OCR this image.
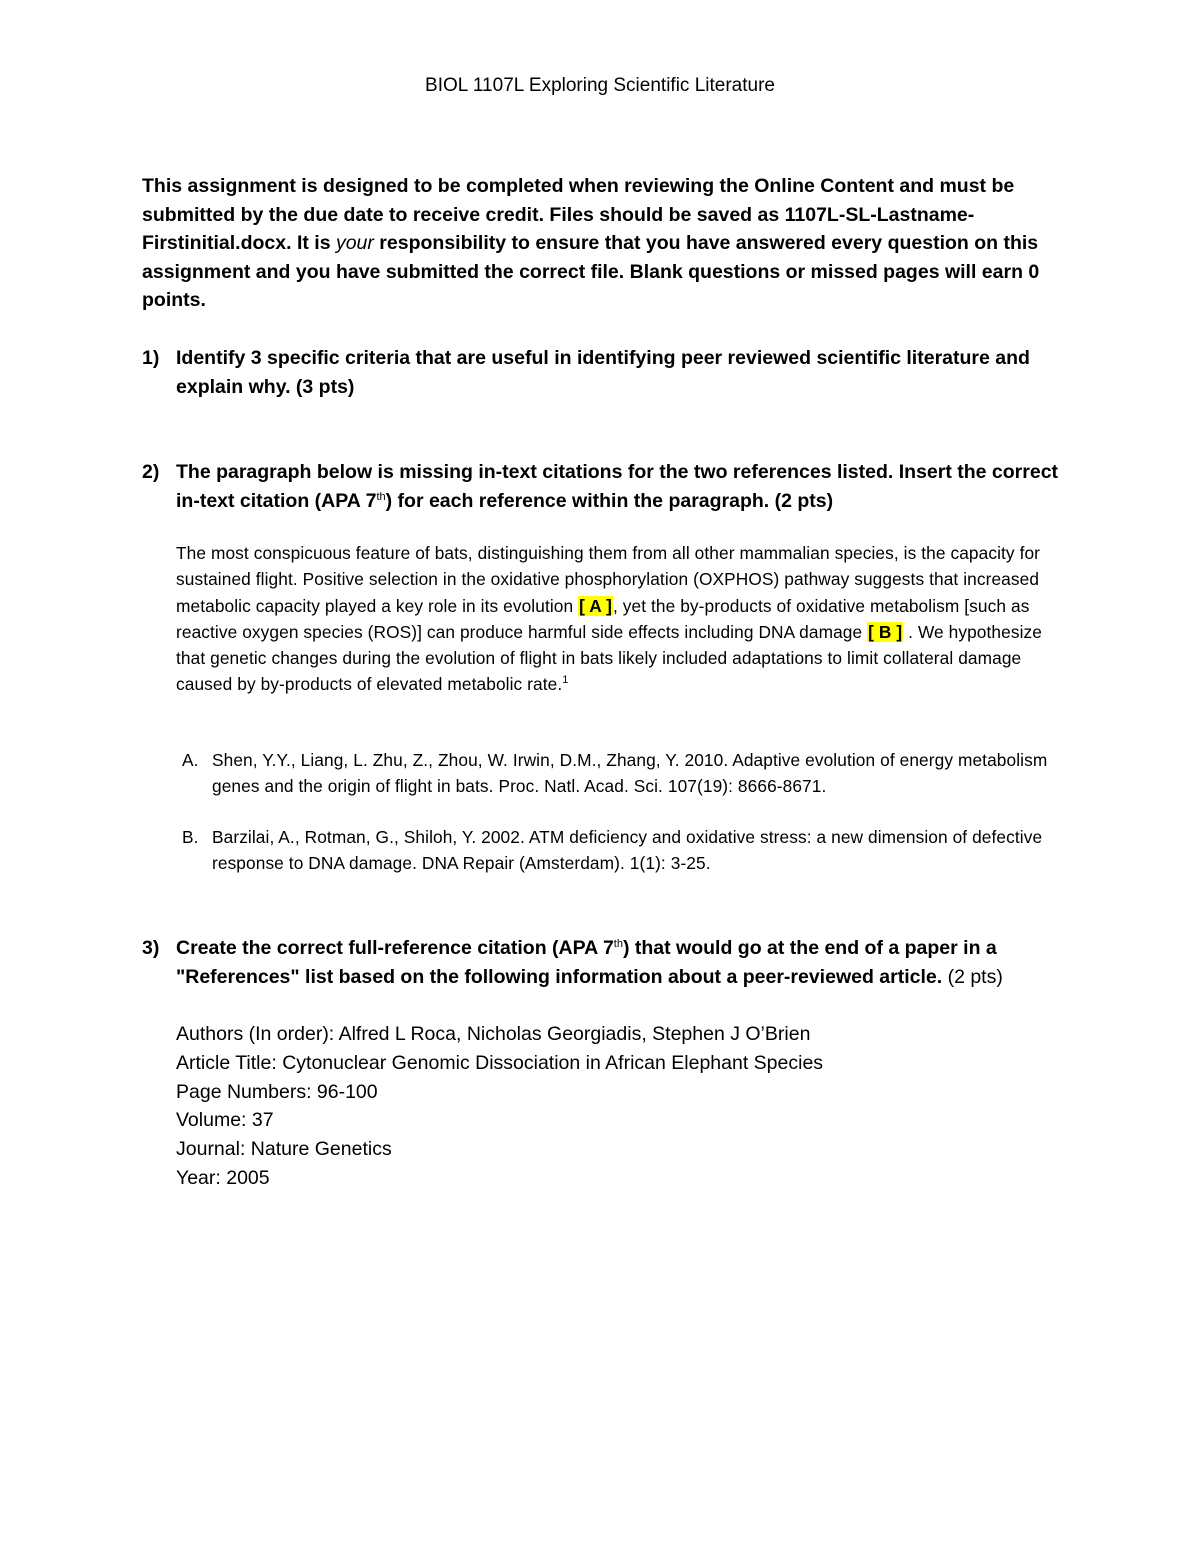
BIOL 1107L Exploring Scientific Literature
This assignment is designed to be completed when reviewing the Online Content and must be submitted by the due date to receive credit. Files should be saved as 1107L-SL-Lastname-Firstinitial.docx. It is your responsibility to ensure that you have answered every question on this assignment and you have submitted the correct file. Blank questions or missed pages will earn 0 points.
1) Identify 3 specific criteria that are useful in identifying peer reviewed scientific literature and explain why. (3 pts)
2) The paragraph below is missing in-text citations for the two references listed. Insert the correct in-text citation (APA 7th) for each reference within the paragraph. (2 pts)
The most conspicuous feature of bats, distinguishing them from all other mammalian species, is the capacity for sustained flight. Positive selection in the oxidative phosphorylation (OXPHOS) pathway suggests that increased metabolic capacity played a key role in its evolution [ A ], yet the by-products of oxidative metabolism [such as reactive oxygen species (ROS)] can produce harmful side effects including DNA damage [ B ] . We hypothesize that genetic changes during the evolution of flight in bats likely included adaptations to limit collateral damage caused by by-products of elevated metabolic rate.$^1$
A. Shen, Y.Y., Liang, L. Zhu, Z., Zhou, W. Irwin, D.M., Zhang, Y. 2010. Adaptive evolution of energy metabolism genes and the origin of flight in bats. Proc. Natl. Acad. Sci. 107(19): 8666-8671.
B. Barzilai, A., Rotman, G., Shiloh, Y. 2002. ATM deficiency and oxidative stress: a new dimension of defective response to DNA damage. DNA Repair (Amsterdam). 1(1): 3-25.
3) Create the correct full-reference citation (APA 7th) that would go at the end of a paper in a "References" list based on the following information about a peer-reviewed article. (2 pts)
Authors (In order): Alfred L Roca, Nicholas Georgiadis, Stephen J O’Brien
Article Title: Cytonuclear Genomic Dissociation in African Elephant Species
Page Numbers: 96-100
Volume: 37
Journal: Nature Genetics
Year: 2005
